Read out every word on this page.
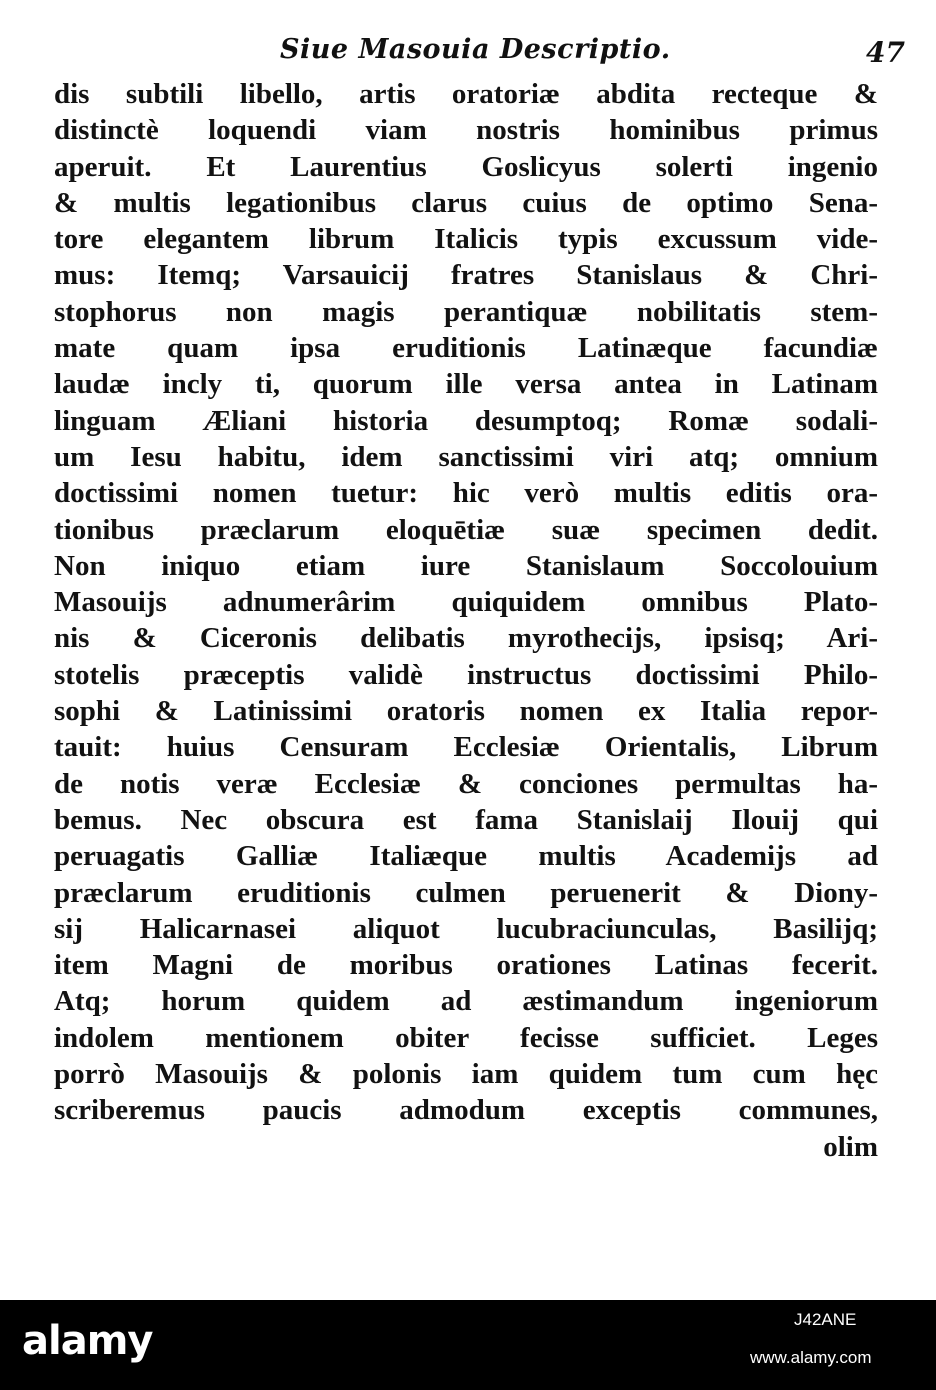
Siue Masouia Descriptio.	47
dis subtili libello, artis oratoriæ abdita recteque &
distinctè loquendi viam nostris hominibus primus
aperuit. Et Laurentius Goslicyus solerti ingenio
& multis legationibus clarus cuius de optimo Sena-
tore elegantem librum Italicis typis excussum vide-
mus: Itemq; Varsauicij fratres Stanislaus & Chri-
stophorus non magis perantiquæ nobilitatis stem-
mate quam ipsa eruditionis Latinæque facundiæ
laudæ incly ti, quorum ille versa antea in Latinam
linguam Æliani historia desumptoq; Romæ sodali-
um Iesu habitu, idem sanctissimi viri atq; omnium
doctissimi nomen tuetur: hic verò multis editis ora-
tionibus præclarum eloquētiæ suæ specimen dedit.
Non iniquo etiam iure Stanislaum Soccolouium
Masouijs adnumerârim quiquidem omnibus Plato-
nis & Ciceronis delibatis myrothecijs, ipsisq; Ari-
stotelis præceptis validè instructus doctissimi Philo-
sophi & Latinissimi oratoris nomen ex Italia repor-
tauit: huius Censuram Ecclesiæ Orientalis, Librum
de notis veræ Ecclesiæ & conciones permultas ha-
bemus. Nec obscura est fama Stanislaij Ilouij qui
peruagatis Galliæ Italiæque multis Academijs ad
præclarum eruditionis culmen peruenerit & Diony-
sij Halicarnasei aliquot lucubraciunculas, Basilijq;
item Magni de moribus orationes Latinas fecerit.
Atq; horum quidem ad æstimandum ingeniorum
indolem mentionem obiter fecisse sufficiet. Leges
porrò Masouijs & polonis iam quidem tum cum hęc
scriberemus paucis admodum exceptis communes,
olim
alamy	J42ANE
www.alamy.com
